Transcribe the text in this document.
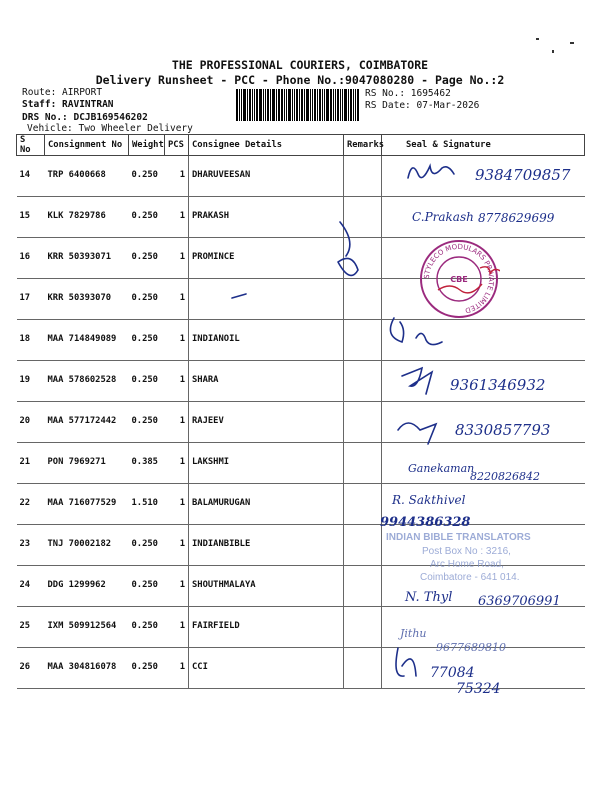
THE PROFESSIONAL COURIERS, COIMBATORE
Delivery Runsheet - PCC - Phone No.:9047080280 - Page No.:2
Route: AIRPORT
Staff: RAVINTRAN
DRS No.: DCJB169546202
Vehicle: Two Wheeler Delivery
RS No.: 1695462
RS Date: 07-Mar-2026
S No	Consignment No	Weight	PCS	Consignee Details	Remarks	Seal & Signature
14	TRP 6400668	0.250	1	DHARUVEESAN		
15	KLK 7829786	0.250	1	PRAKASH		
16	KRR 50393071	0.250	1	PROMINCE		
17	KRR 50393070	0.250	1			
18	MAA 714849089	0.250	1	INDIANOIL		
19	MAA 578602528	0.250	1	SHARA		
20	MAA 577172442	0.250	1	RAJEEV		
21	PON 7969271	0.385	1	LAKSHMI		
22	MAA 716077529	1.510	1	BALAMURUGAN		
23	TNJ 70002182	0.250	1	INDIANBIBLE		
24	DDG 1299962	0.250	1	SHOUTHMALAYA		
25	IXM 509912564	0.250	1	FAIRFIELD		
26	MAA 304816078	0.250	1	CCI		
9384709857
C.Prakash 8778629699
9361346932
8330857793
Ganekaman
8220826842
R. Sakthivel
9944386328
N. Thyl 6369706991
Jithu
9677689810
77084
75324
STYLECO MODULARS PRIVATE LIMITED
CBE
INDIAN BIBLE TRANSLATORS
Post Box No : 3216,
Arc Home Road,
Coimbatore - 641 014.
